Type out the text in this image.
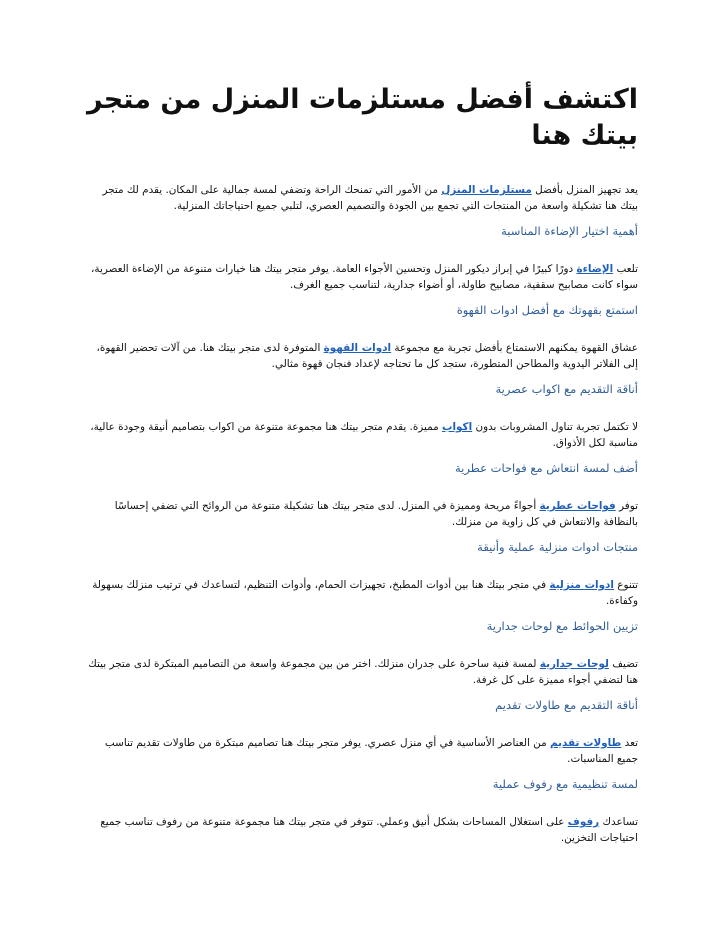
اكتشف أفضل مستلزمات المنزل من متجر بيتك هنا

يعد تجهيز المنزل بأفضل مستلزمات المنزل من الأمور التي تمنحك الراحة وتضفي لمسة جمالية على المكان. يقدم لك متجر بيتك هنا تشكيلة واسعة من المنتجات التي تجمع بين الجودة والتصميم العصري، لتلبي جميع احتياجاتك المنزلية.

أهمية اختيار الإضاءة المناسبة

تلعب الإضاءة دورًا كبيرًا في إبراز ديكور المنزل وتحسين الأجواء العامة. يوفر متجر بيتك هنا خيارات متنوعة من الإضاءة العصرية، سواء كانت مصابيح سقفية، مصابيح طاولة، أو أضواء جدارية، لتناسب جميع الغرف.

استمتع بقهوتك مع أفضل ادوات القهوة

عشاق القهوة يمكنهم الاستمتاع بأفضل تجربة مع مجموعة ادوات القهوة المتوفرة لدى متجر بيتك هنا. من آلات تحضير القهوة، إلى الفلاتر اليدوية والمطاحن المتطورة، ستجد كل ما تحتاجه لإعداد فنجان قهوة مثالي.

أناقة التقديم مع اكواب عصرية

لا تكتمل تجربة تناول المشروبات بدون اكواب مميزة. يقدم متجر بيتك هنا مجموعة متنوعة من اكواب بتصاميم أنيقة وجودة عالية، مناسبة لكل الأذواق.

أضف لمسة انتعاش مع فواحات عطرية

توفر فواحات عطرية أجواءً مريحة ومميزة في المنزل. لدى متجر بيتك هنا تشكيلة متنوعة من الروائح التي تضفي إحساسًا بالنظافة والانتعاش في كل زاوية من منزلك.

منتجات ادوات منزلية عملية وأنيقة

تتنوع ادوات منزلية في متجر بيتك هنا بين أدوات المطبخ، تجهيزات الحمام، وأدوات التنظيم، لتساعدك في ترتيب منزلك بسهولة وكفاءة.

تزيين الحوائط مع لوحات جدارية

تضيف لوحات جدارية لمسة فنية ساحرة على جدران منزلك. اختر من بين مجموعة واسعة من التصاميم المبتكرة لدى متجر بيتك هنا لتضفي أجواء مميزة على كل غرفة.

أناقة التقديم مع طاولات تقديم

تعد طاولات تقديم من العناصر الأساسية في أي منزل عصري. يوفر متجر بيتك هنا تصاميم مبتكرة من طاولات تقديم تناسب جميع المناسبات.

لمسة تنظيمية مع رفوف عملية

تساعدك رفوف على استغلال المساحات بشكل أنيق وعملي. تتوفر في متجر بيتك هنا مجموعة متنوعة من رفوف تناسب جميع احتياجات التخزين.
